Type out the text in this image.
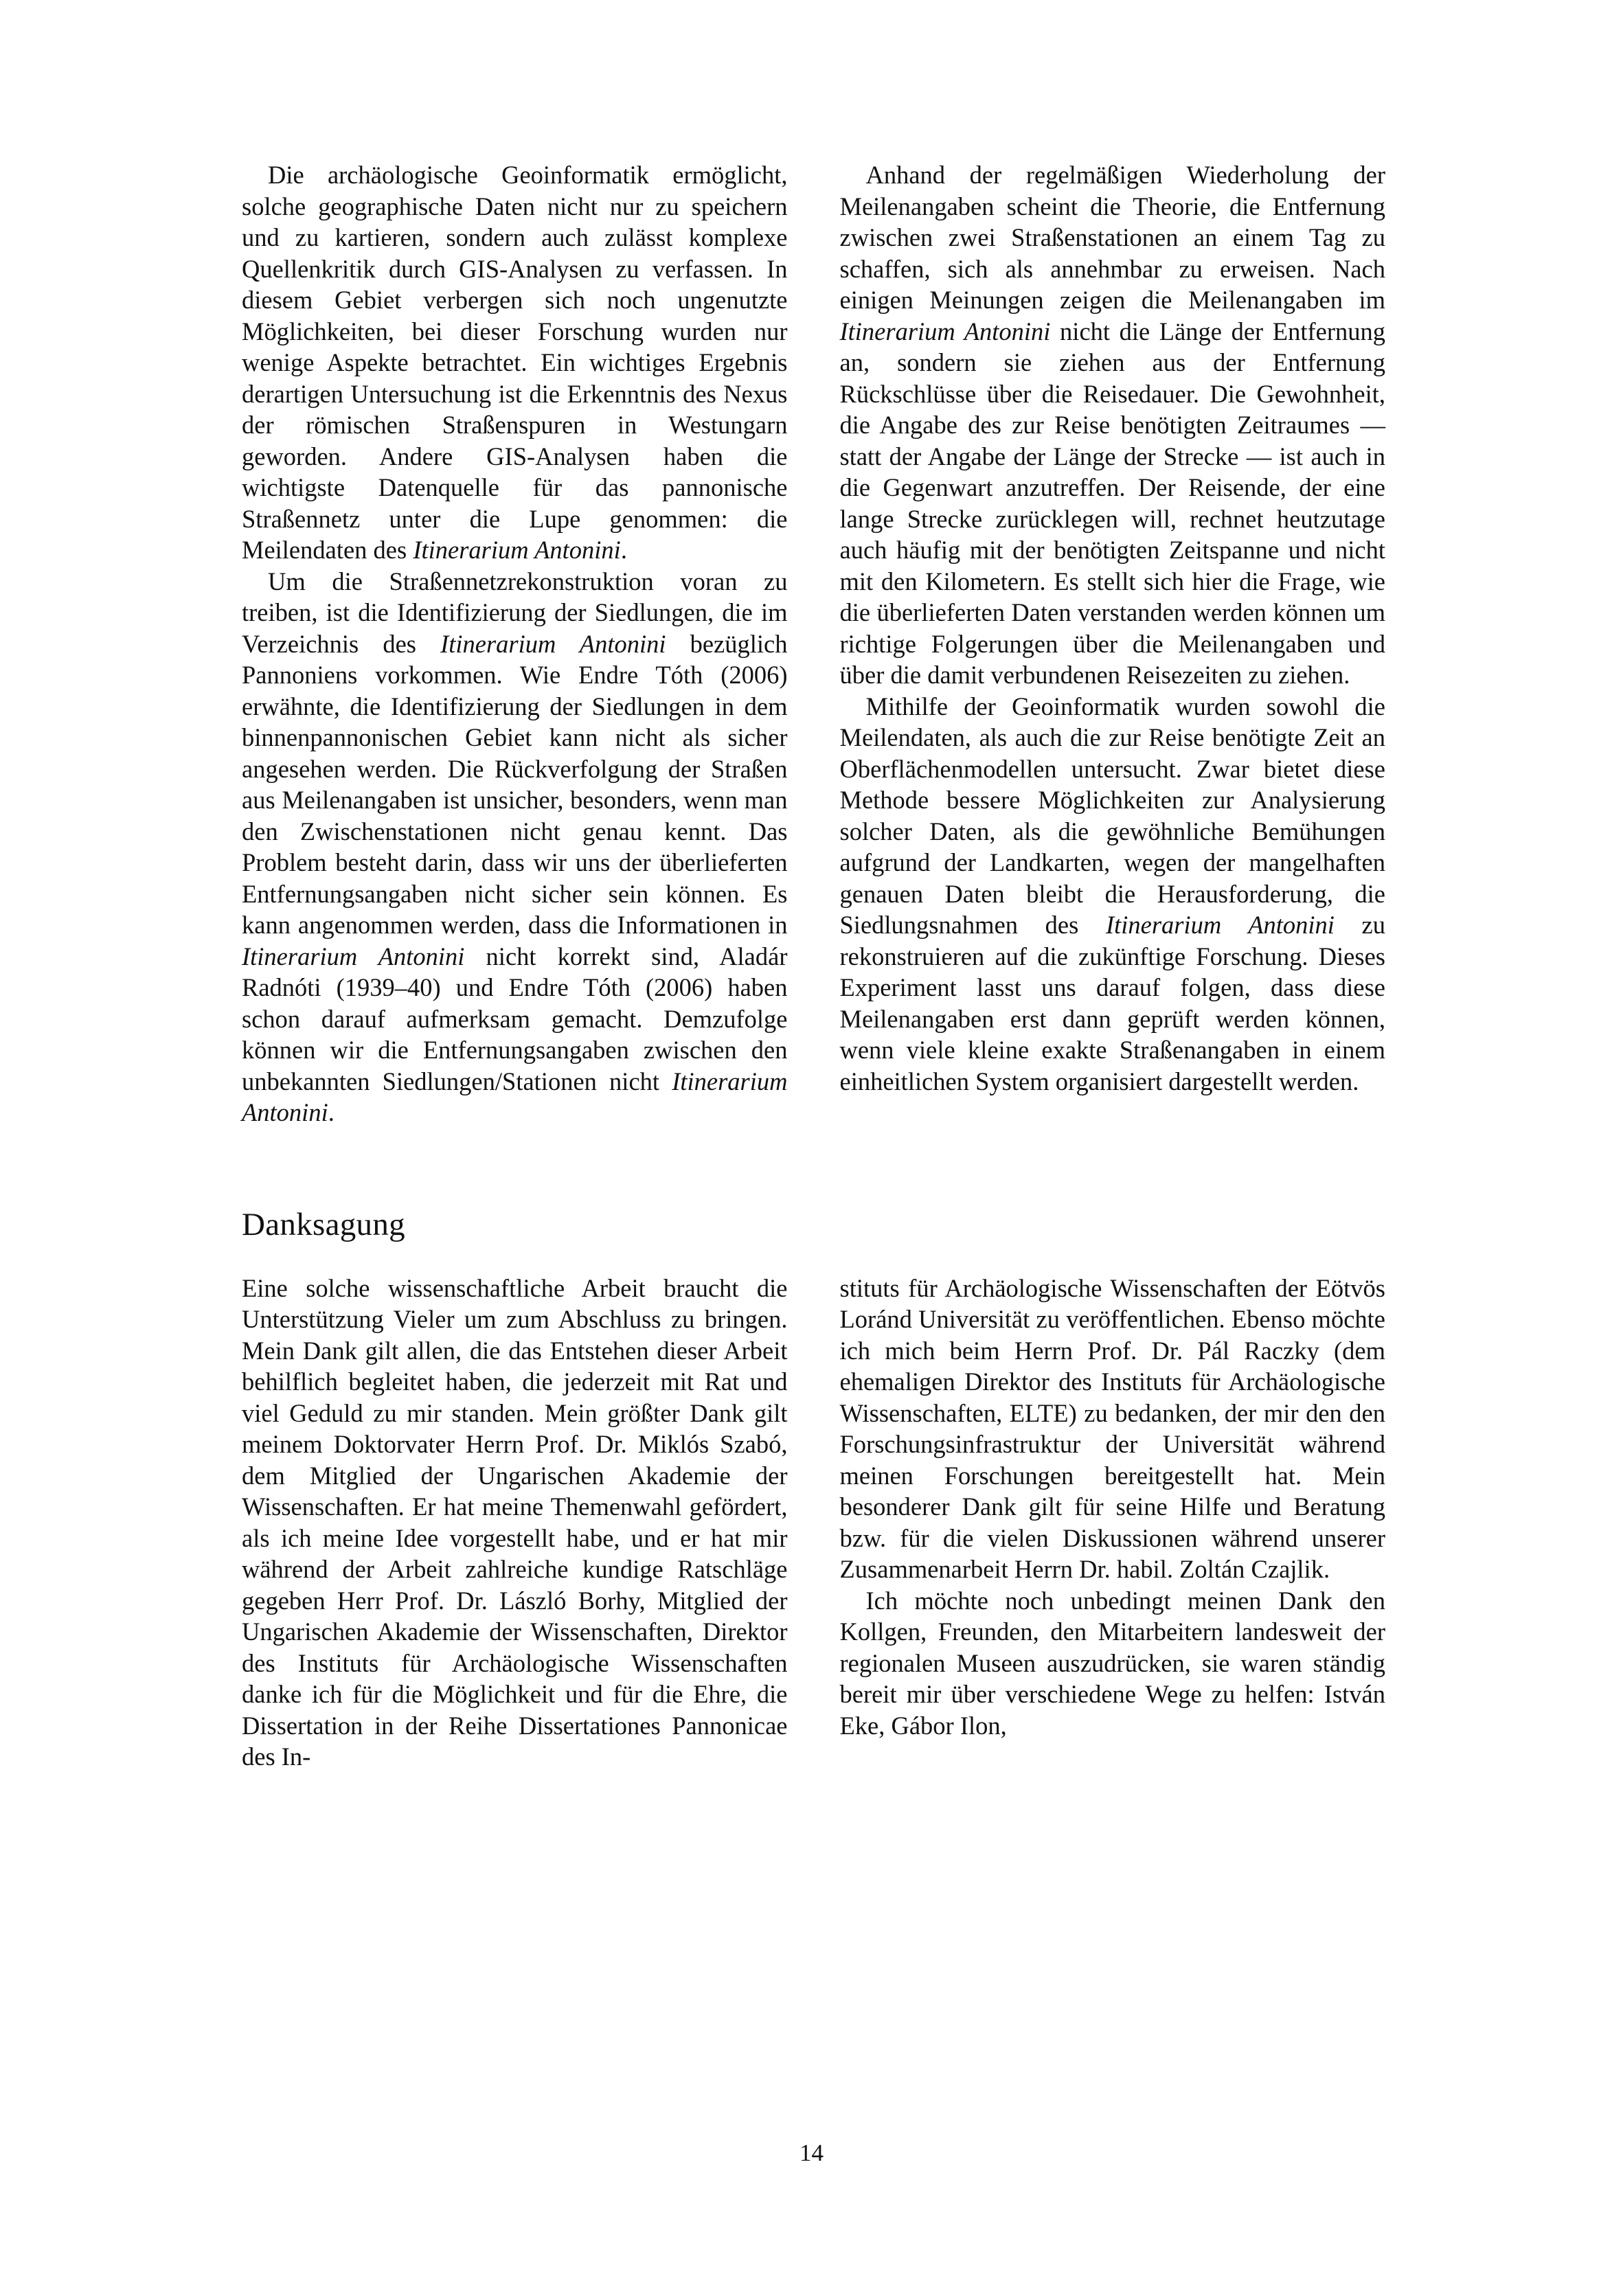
Die archäologische Geoinformatik ermöglicht, solche geographische Daten nicht nur zu speichern und zu kartieren, sondern auch zulässt komplexe Quellenkritik durch GIS-Analysen zu verfassen. In diesem Gebiet verbergen sich noch ungenutzte Möglichkeiten, bei dieser Forschung wurden nur wenige Aspekte betrachtet. Ein wichtiges Ergebnis derartigen Untersuchung ist die Erkenntnis des Nexus der römischen Straßenspuren in Westungarn geworden. Andere GIS-Analysen haben die wichtigste Datenquelle für das pannonische Straßennetz unter die Lupe genommen: die Meilendaten des Itinerarium Antonini.

Um die Straßennetzrekonstruktion voran zu treiben, ist die Identifizierung der Siedlungen, die im Verzeichnis des Itinerarium Antonini bezüglich Pannoniens vorkommen. Wie Endre Tóth (2006) erwähnte, die Identifizierung der Siedlungen in dem binnenpannonischen Gebiet kann nicht als sicher angesehen werden. Die Rückverfolgung der Straßen aus Meilenangaben ist unsicher, besonders, wenn man den Zwischenstationen nicht genau kennt. Das Problem besteht darin, dass wir uns der überlieferten Entfernungsangaben nicht sicher sein können. Es kann angenommen werden, dass die Informationen in Itinerarium Antonini nicht korrekt sind, Aladár Radnóti (1939–40) und Endre Tóth (2006) haben schon darauf aufmerksam gemacht. Demzufolge können wir die Entfernungsangaben zwischen den unbekannten Siedlungen/Stationen nicht Itinerarium Antonini.

Anhand der regelmäßigen Wiederholung der Meilenangaben scheint die Theorie, die Entfernung zwischen zwei Straßenstationen an einem Tag zu schaffen, sich als annehmbar zu erweisen. Nach einigen Meinungen zeigen die Meilenangaben im Itinerarium Antonini nicht die Länge der Entfernung an, sondern sie ziehen aus der Entfernung Rückschlüsse über die Reisedauer. Die Gewohnheit, die Angabe des zur Reise benötigten Zeitraumes — statt der Angabe der Länge der Strecke — ist auch in die Gegenwart anzutreffen. Der Reisende, der eine lange Strecke zurücklegen will, rechnet heutzutage auch häufig mit der benötigten Zeitspanne und nicht mit den Kilometern. Es stellt sich hier die Frage, wie die überlieferten Daten verstanden werden können um richtige Folgerungen über die Meilenangaben und über die damit verbundenen Reisezeiten zu ziehen.

Mithilfe der Geoinformatik wurden sowohl die Meilendaten, als auch die zur Reise benötigte Zeit an Oberflächenmodellen untersucht. Zwar bietet diese Methode bessere Möglichkeiten zur Analysierung solcher Daten, als die gewöhnliche Bemühungen aufgrund der Landkarten, wegen der mangelhaften genauen Daten bleibt die Herausforderung, die Siedlungsnahmen des Itinerarium Antonini zu rekonstruieren auf die zukünftige Forschung. Dieses Experiment lasst uns darauf folgen, dass diese Meilenangaben erst dann geprüft werden können, wenn viele kleine exakte Straßenangaben in einem einheitlichen System organisiert dargestellt werden.

Danksagung

Eine solche wissenschaftliche Arbeit braucht die Unterstützung Vieler um zum Abschluss zu bringen. Mein Dank gilt allen, die das Entstehen dieser Arbeit behilflich begleitet haben, die jederzeit mit Rat und viel Geduld zu mir standen. Mein größter Dank gilt meinem Doktorvater Herrn Prof. Dr. Miklós Szabó, dem Mitglied der Ungarischen Akademie der Wissenschaften. Er hat meine Themenwahl gefördert, als ich meine Idee vorgestellt habe, und er hat mir während der Arbeit zahlreiche kundige Ratschläge gegeben Herr Prof. Dr. László Borhy, Mitglied der Ungarischen Akademie der Wissenschaften, Direktor des Instituts für Archäologische Wissenschaften danke ich für die Möglichkeit und für die Ehre, die Dissertation in der Reihe Dissertationes Pannonicae des In-

stituts für Archäologische Wissenschaften der Eötvös Loránd Universität zu veröffentlichen. Ebenso möchte ich mich beim Herrn Prof. Dr. Pál Raczky (dem ehemaligen Direktor des Instituts für Archäologische Wissenschaften, ELTE) zu bedanken, der mir den den Forschungsinfrastruktur der Universität während meinen Forschungen bereitgestellt hat. Mein besonderer Dank gilt für seine Hilfe und Beratung bzw. für die vielen Diskussionen während unserer Zusammenarbeit Herrn Dr. habil. Zoltán Czajlik.

Ich möchte noch unbedingt meinen Dank den Kollgen, Freunden, den Mitarbeitern landesweit der regionalen Museen auszudrücken, sie waren ständig bereit mir über verschiedene Wege zu helfen: István Eke, Gábor Ilon,

14
